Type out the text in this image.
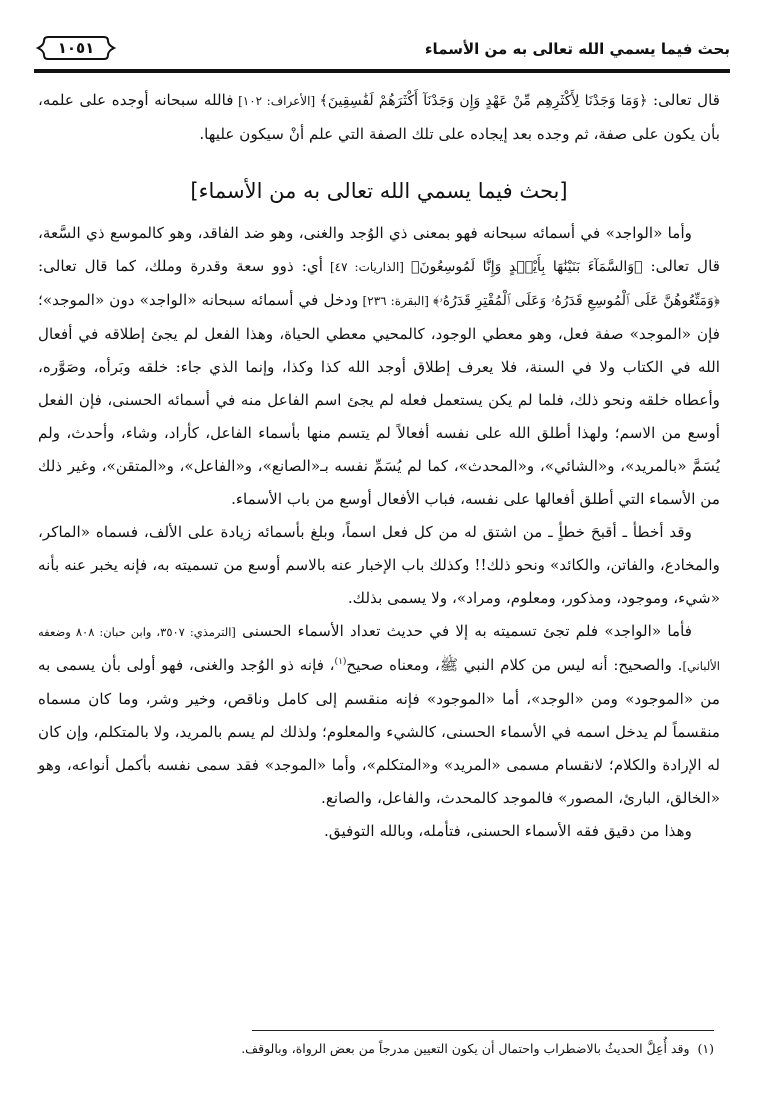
بحث فيما يسمي الله تعالى به من الأسماء
١٠٥١

قال تعالى: ﴿وَمَا وَجَدْنَا لِأَكْثَرِهِم مِّنْ عَهْدٍ وَإِن وَجَدْنَآ أَكْثَرَهُمْ لَفَٰسِقِينَ﴾ [الأعراف: ١٠٢] فالله سبحانه أوجده على علمه، بأن يكون على صفة، ثم وجده بعد إيجاده على تلك الصفة التي علم أنْ سيكون عليها.

[بحث فيما يسمي الله تعالى به من الأسماء]

وأما «الواجد» في أسمائه سبحانه فهو بمعنى ذي الوُجد والغنى، وهو ضد الفاقد، وهو كالموسع ذي السَّعة، قال تعالى: ﴿وَالسَّمَآءَ بَنَيْنَٰهَا بِأَيْي۟دٍ وَإِنَّا لَمُوسِعُونَ﴾ [الذاريات: ٤٧] أي: ذوو سعة وقدرة وملك، كما قال تعالى: ﴿وَمَتِّعُوهُنَّ عَلَى ٱلْمُوسِعِ قَدَرُهُۥ وَعَلَى ٱلْمُقْتِرِ قَدَرُهُۥ﴾ [البقرة: ٢٣٦] ودخل في أسمائه سبحانه «الواجد» دون «الموجد»؛ فإن «الموجد» صفة فعل، وهو معطي الوجود، كالمحيي معطي الحياة، وهذا الفعل لم يجئ إطلاقه في أفعال الله في الكتاب ولا في السنة، فلا يعرف إطلاق أوجد الله كذا وكذا، وإنما الذي جاء: خلقه وبَرأه، وصَوَّره، وأعطاه خلقه ونحو ذلك، فلما لم يكن يستعمل فعله لم يجئ اسم الفاعل منه في أسمائه الحسنى، فإن الفعل أوسع من الاسم؛ ولهذا أطلق الله على نفسه أفعالاً لم يتسم منها بأسماء الفاعل، كأراد، وشاء، وأحدث، ولم يُسَمَّ «بالمريد»، و«الشائي»، و«المحدث»، كما لم يُسَمِّ نفسه بـ«الصانع»، و«الفاعل»، و«المتقن»، وغير ذلك من الأسماء التي أطلق أفعالها على نفسه، فباب الأفعال أوسع من باب الأسماء.

وقد أخطأ ـ أقبحَ خطأٍ ـ من اشتق له من كل فعل اسماً، وبلغ بأسمائه زيادة على الألف، فسماه «الماكر، والمخادع، والفاتن، والكائد» ونحو ذلك!! وكذلك باب الإخبار عنه بالاسم أوسع من تسميته به، فإنه يخبر عنه بأنه «شيء، وموجود، ومذكور، ومعلوم، ومراد»، ولا يسمى بذلك.

فأما «الواجد» فلم تجئ تسميته به إلا في حديث تعداد الأسماء الحسنى [الترمذي: ٣٥٠٧، وابن حبان: ٨٠٨ وضعفه الألباني]. والصحيح: أنه ليس من كلام النبي ﷺ، ومعناه صحيح$^{(١)}$، فإنه ذو الوُجد والغنى، فهو أولى بأن يسمى به من «الموجود» ومن «الوجد»، أما «الموجود» فإنه منقسم إلى كامل وناقص، وخير وشر، وما كان مسماه منقسماً لم يدخل اسمه في الأسماء الحسنى، كالشيء والمعلوم؛ ولذلك لم يسم بالمريد، ولا بالمتكلم، وإن كان له الإرادة والكلام؛ لانقسام مسمى «المريد» و«المتكلم»، وأما «الموجد» فقد سمى نفسه بأكمل أنواعه، وهو «الخالق، البارئ، المصور» فالموجد كالمحدث، والفاعل، والصانع.

وهذا من دقيق فقه الأسماء الحسنى، فتأمله، وبالله التوفيق.

(١)وقد أُعِلَّ الحديثُ بالاضطراب واحتمال أن يكون التعيين مدرجاً من بعض الرواة، وبالوقف.
